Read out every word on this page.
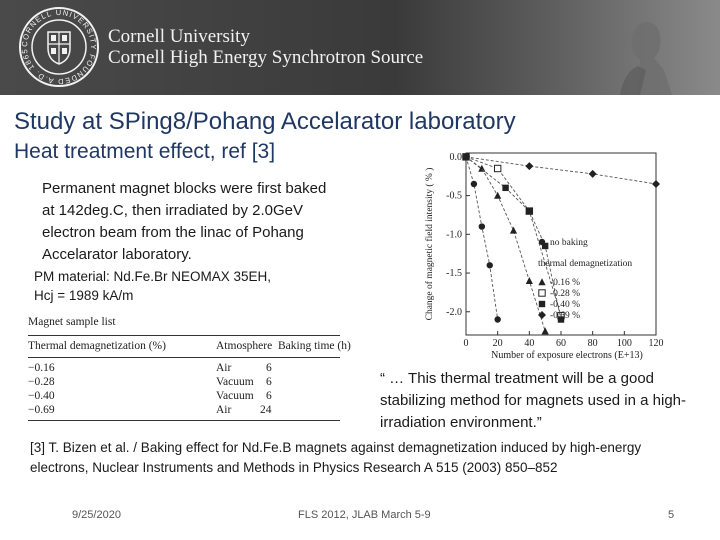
CORNELL UNIVERSITY FOUNDED A.D. 1865
Cornell University
Cornell High Energy Synchrotron Source
Study at SPing8/Pohang Accelarator laboratory
Heat treatment effect, ref [3]
Permanent magnet blocks were first baked at 142deg.C, then irradiated by 2.0GeV electron beam from the linac of Pohang Accelarator laboratory.
PM material: Nd.Fe.Br NEOMAX 35EH,
Hcj = 1989 kA/m
Magnet sample list
Thermal demagnetization (%)	Atmosphere Baking time (h)
−0.16	Air	6
−0.28	Vacuum 6
−0.40	Vacuum 6
−0.69	Air 24
0 20 40 60 80 100 120
0.0
-0.5
-1.0
-1.5
-2.0
Number of exposure electrons (E+13)
Change of magnetic field intensity ( % )	no baking
thermal demagnetization
-0.16 %
-0.28 %
-0.40 %
-0.69 %
“ … This thermal treatment will be a good stabilizing method for magnets used in a high-irradiation environment.”
[3] T. Bizen et al. / Baking effect for Nd.Fe.B magnets against demagnetization induced by high-energy electrons, Nuclear Instruments and Methods in Physics Research A 515 (2003) 850–852
9/25/2020	FLS 2012, JLAB March 5-9	5
